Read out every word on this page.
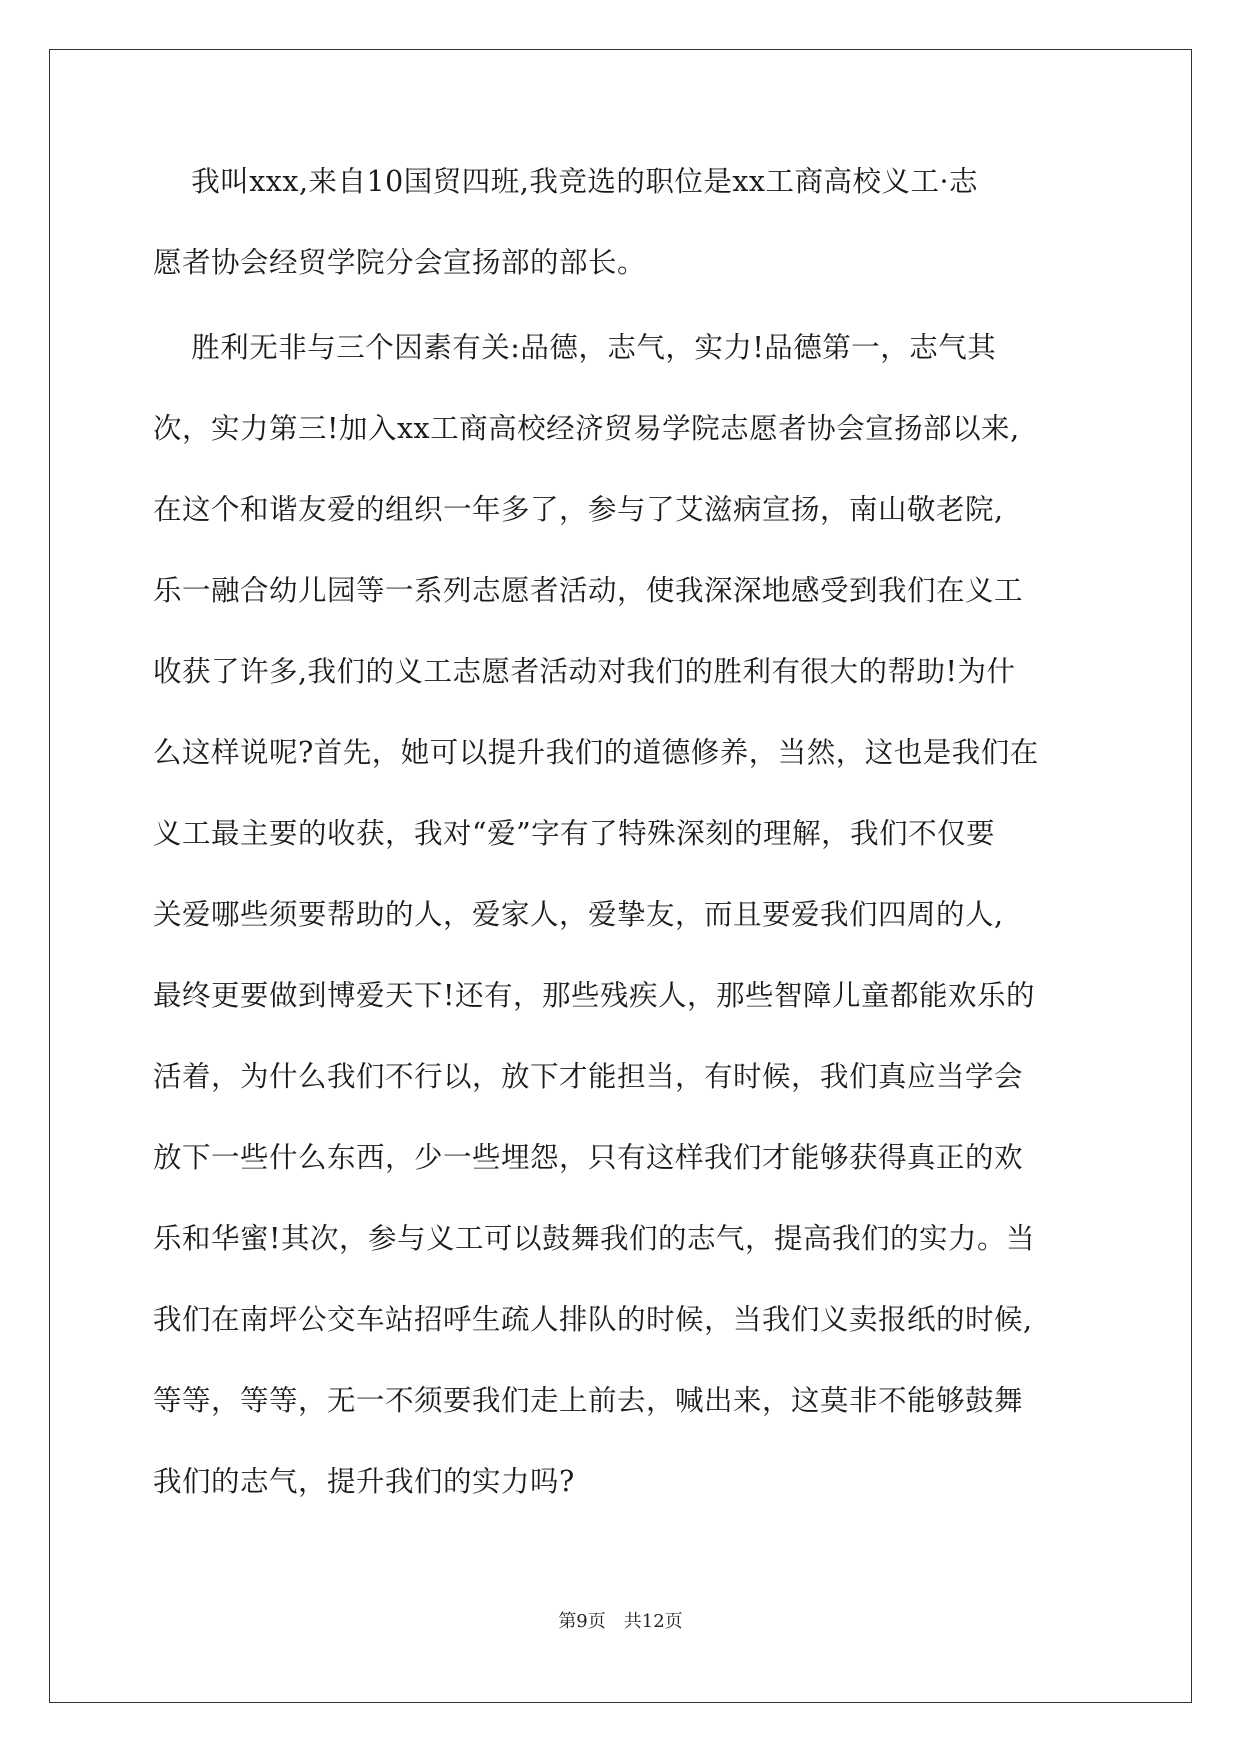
我叫xxx,来自10国贸四班,我竞选的职位是xx工商高校义工·志
愿者协会经贸学院分会宣扬部的部长。
胜利无非与三个因素有关:品德，志气，实力!品德第一，志气其
次，实力第三!加入xx工商高校经济贸易学院志愿者协会宣扬部以来,
在这个和谐友爱的组织一年多了，参与了艾滋病宣扬，南山敬老院,
乐一融合幼儿园等一系列志愿者活动，使我深深地感受到我们在义工
收获了许多,我们的义工志愿者活动对我们的胜利有很大的帮助!为什
么这样说呢?首先，她可以提升我们的道德修养，当然，这也是我们在
义工最主要的收获，我对“爱”字有了特殊深刻的理解，我们不仅要
关爱哪些须要帮助的人，爱家人，爱挚友，而且要爱我们四周的人,
最终更要做到博爱天下!还有，那些残疾人，那些智障儿童都能欢乐的
活着，为什么我们不行以，放下才能担当，有时候，我们真应当学会
放下一些什么东西，少一些埋怨，只有这样我们才能够获得真正的欢
乐和华蜜!其次，参与义工可以鼓舞我们的志气，提高我们的实力。当
我们在南坪公交车站招呼生疏人排队的时候，当我们义卖报纸的时候,
等等，等等，无一不须要我们走上前去，喊出来，这莫非不能够鼓舞
我们的志气，提升我们的实力吗?
第9页　共12页
